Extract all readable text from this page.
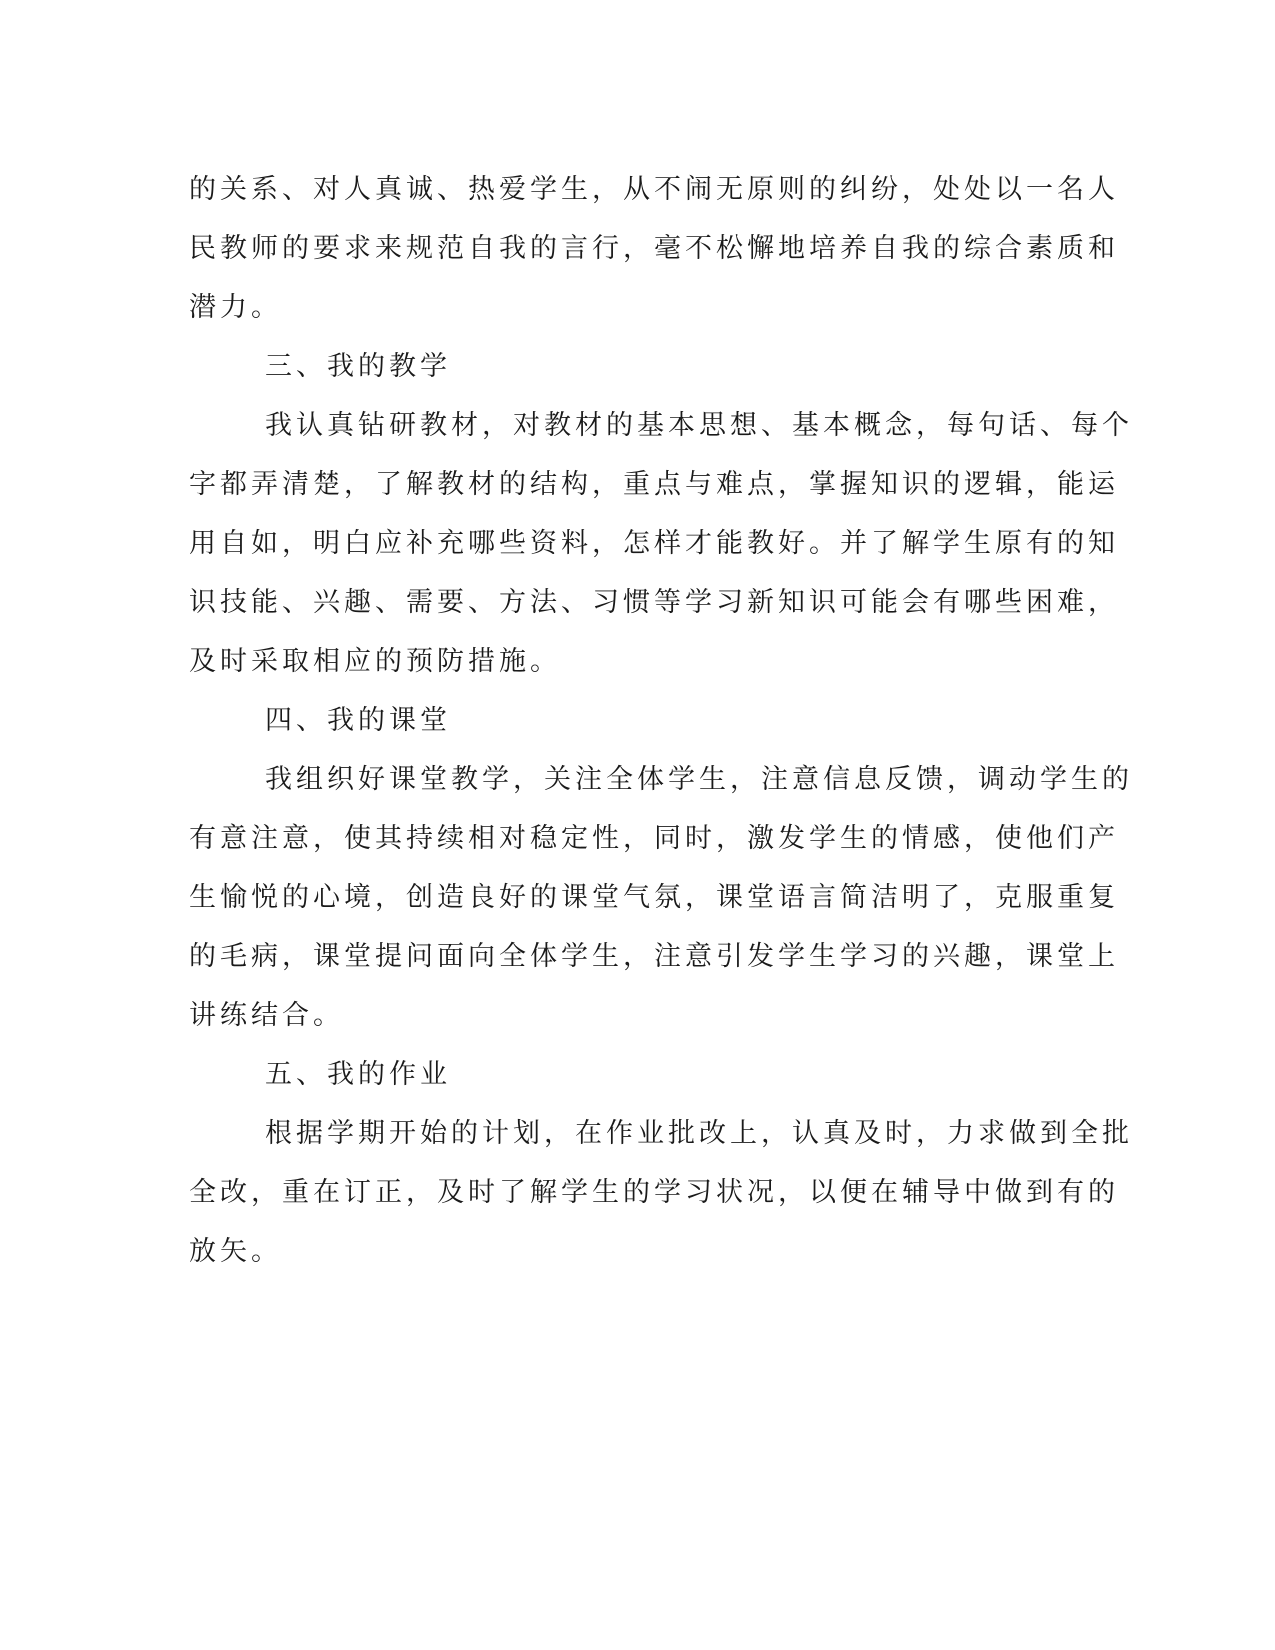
的关系、对人真诚、热爱学生，从不闹无原则的纠纷，处处以一名人
民教师的要求来规范自我的言行，毫不松懈地培养自我的综合素质和
潜力。
三、我的教学
我认真钻研教材，对教材的基本思想、基本概念，每句话、每个
字都弄清楚，了解教材的结构，重点与难点，掌握知识的逻辑，能运
用自如，明白应补充哪些资料，怎样才能教好。并了解学生原有的知
识技能、兴趣、需要、方法、习惯等学习新知识可能会有哪些困难，
及时采取相应的预防措施。
四、我的课堂
我组织好课堂教学，关注全体学生，注意信息反馈，调动学生的
有意注意，使其持续相对稳定性，同时，激发学生的情感，使他们产
生愉悦的心境，创造良好的课堂气氛，课堂语言简洁明了，克服重复
的毛病，课堂提问面向全体学生，注意引发学生学习的兴趣，课堂上
讲练结合。
五、我的作业
根据学期开始的计划，在作业批改上，认真及时，力求做到全批
全改，重在订正，及时了解学生的学习状况，以便在辅导中做到有的
放矢。
